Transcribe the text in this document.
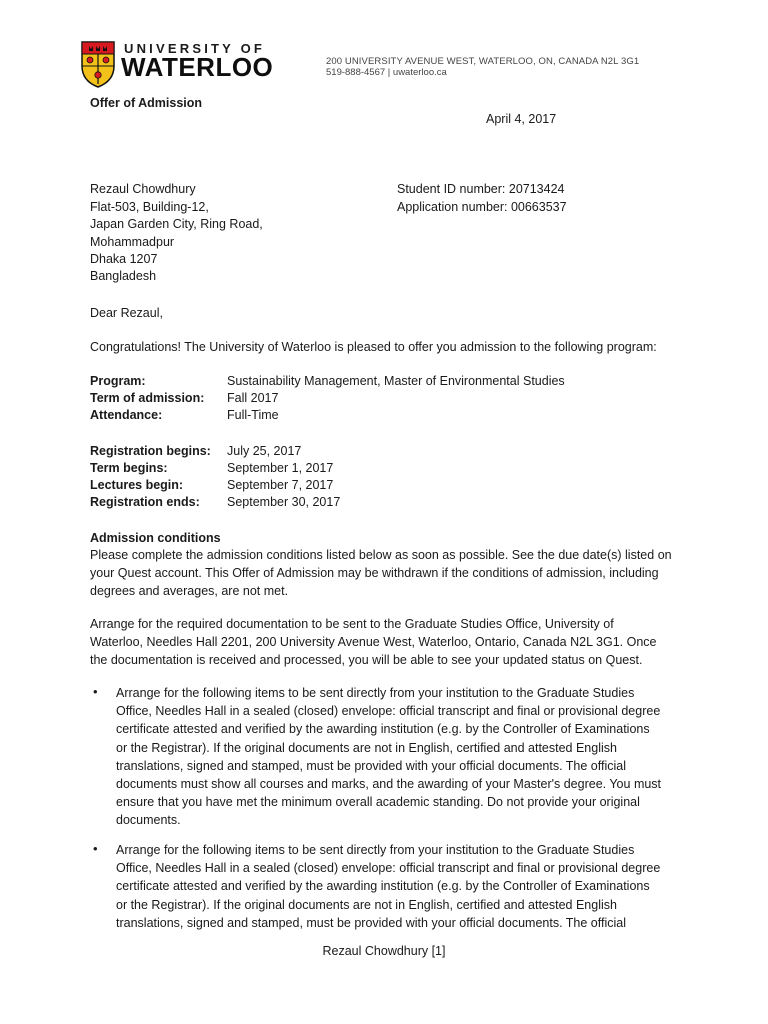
UNIVERSITY OF
WATERLOO	200 UNIVERSITY AVENUE WEST, WATERLOO, ON, CANADA N2L 3G1
519-888-4567 | uwaterloo.ca
Offer of Admission
April 4, 2017
Rezaul Chowdhury
Flat-503, Building-12,
Japan Garden City, Ring Road,
Mohammadpur
Dhaka 1207
Bangladesh
Student ID number: 20713424
Application number: 00663537
Dear Rezaul,
Congratulations! The University of Waterloo is pleased to offer you admission to the following program:
Program:	Sustainability Management, Master of Environmental Studies
Term of admission: Fall 2017
Attendance:	Full-Time
Registration begins: July 25, 2017
Term begins:	September 1, 2017
Lectures begin:	September 7, 2017
Registration ends: September 30, 2017
Admission conditions
Please complete the admission conditions listed below as soon as possible. See the due date(s) listed on
your Quest account. This Offer of Admission may be withdrawn if the conditions of admission, including
degrees and averages, are not met.
Arrange for the required documentation to be sent to the Graduate Studies Office, University of
Waterloo, Needles Hall 2201, 200 University Avenue West, Waterloo, Ontario, Canada N2L 3G1. Once
the documentation is received and processed, you will be able to see your updated status on Quest.
• Arrange for the following items to be sent directly from your institution to the Graduate Studies
Office, Needles Hall in a sealed (closed) envelope: official transcript and final or provisional degree
certificate attested and verified by the awarding institution (e.g. by the Controller of Examinations
or the Registrar). If the original documents are not in English, certified and attested English
translations, signed and stamped, must be provided with your official documents. The official
documents must show all courses and marks, and the awarding of your Master's degree. You must
ensure that you have met the minimum overall academic standing. Do not provide your original
documents.
• Arrange for the following items to be sent directly from your institution to the Graduate Studies
Office, Needles Hall in a sealed (closed) envelope: official transcript and final or provisional degree
certificate attested and verified by the awarding institution (e.g. by the Controller of Examinations
or the Registrar). If the original documents are not in English, certified and attested English
translations, signed and stamped, must be provided with your official documents. The official
Rezaul Chowdhury [1]
